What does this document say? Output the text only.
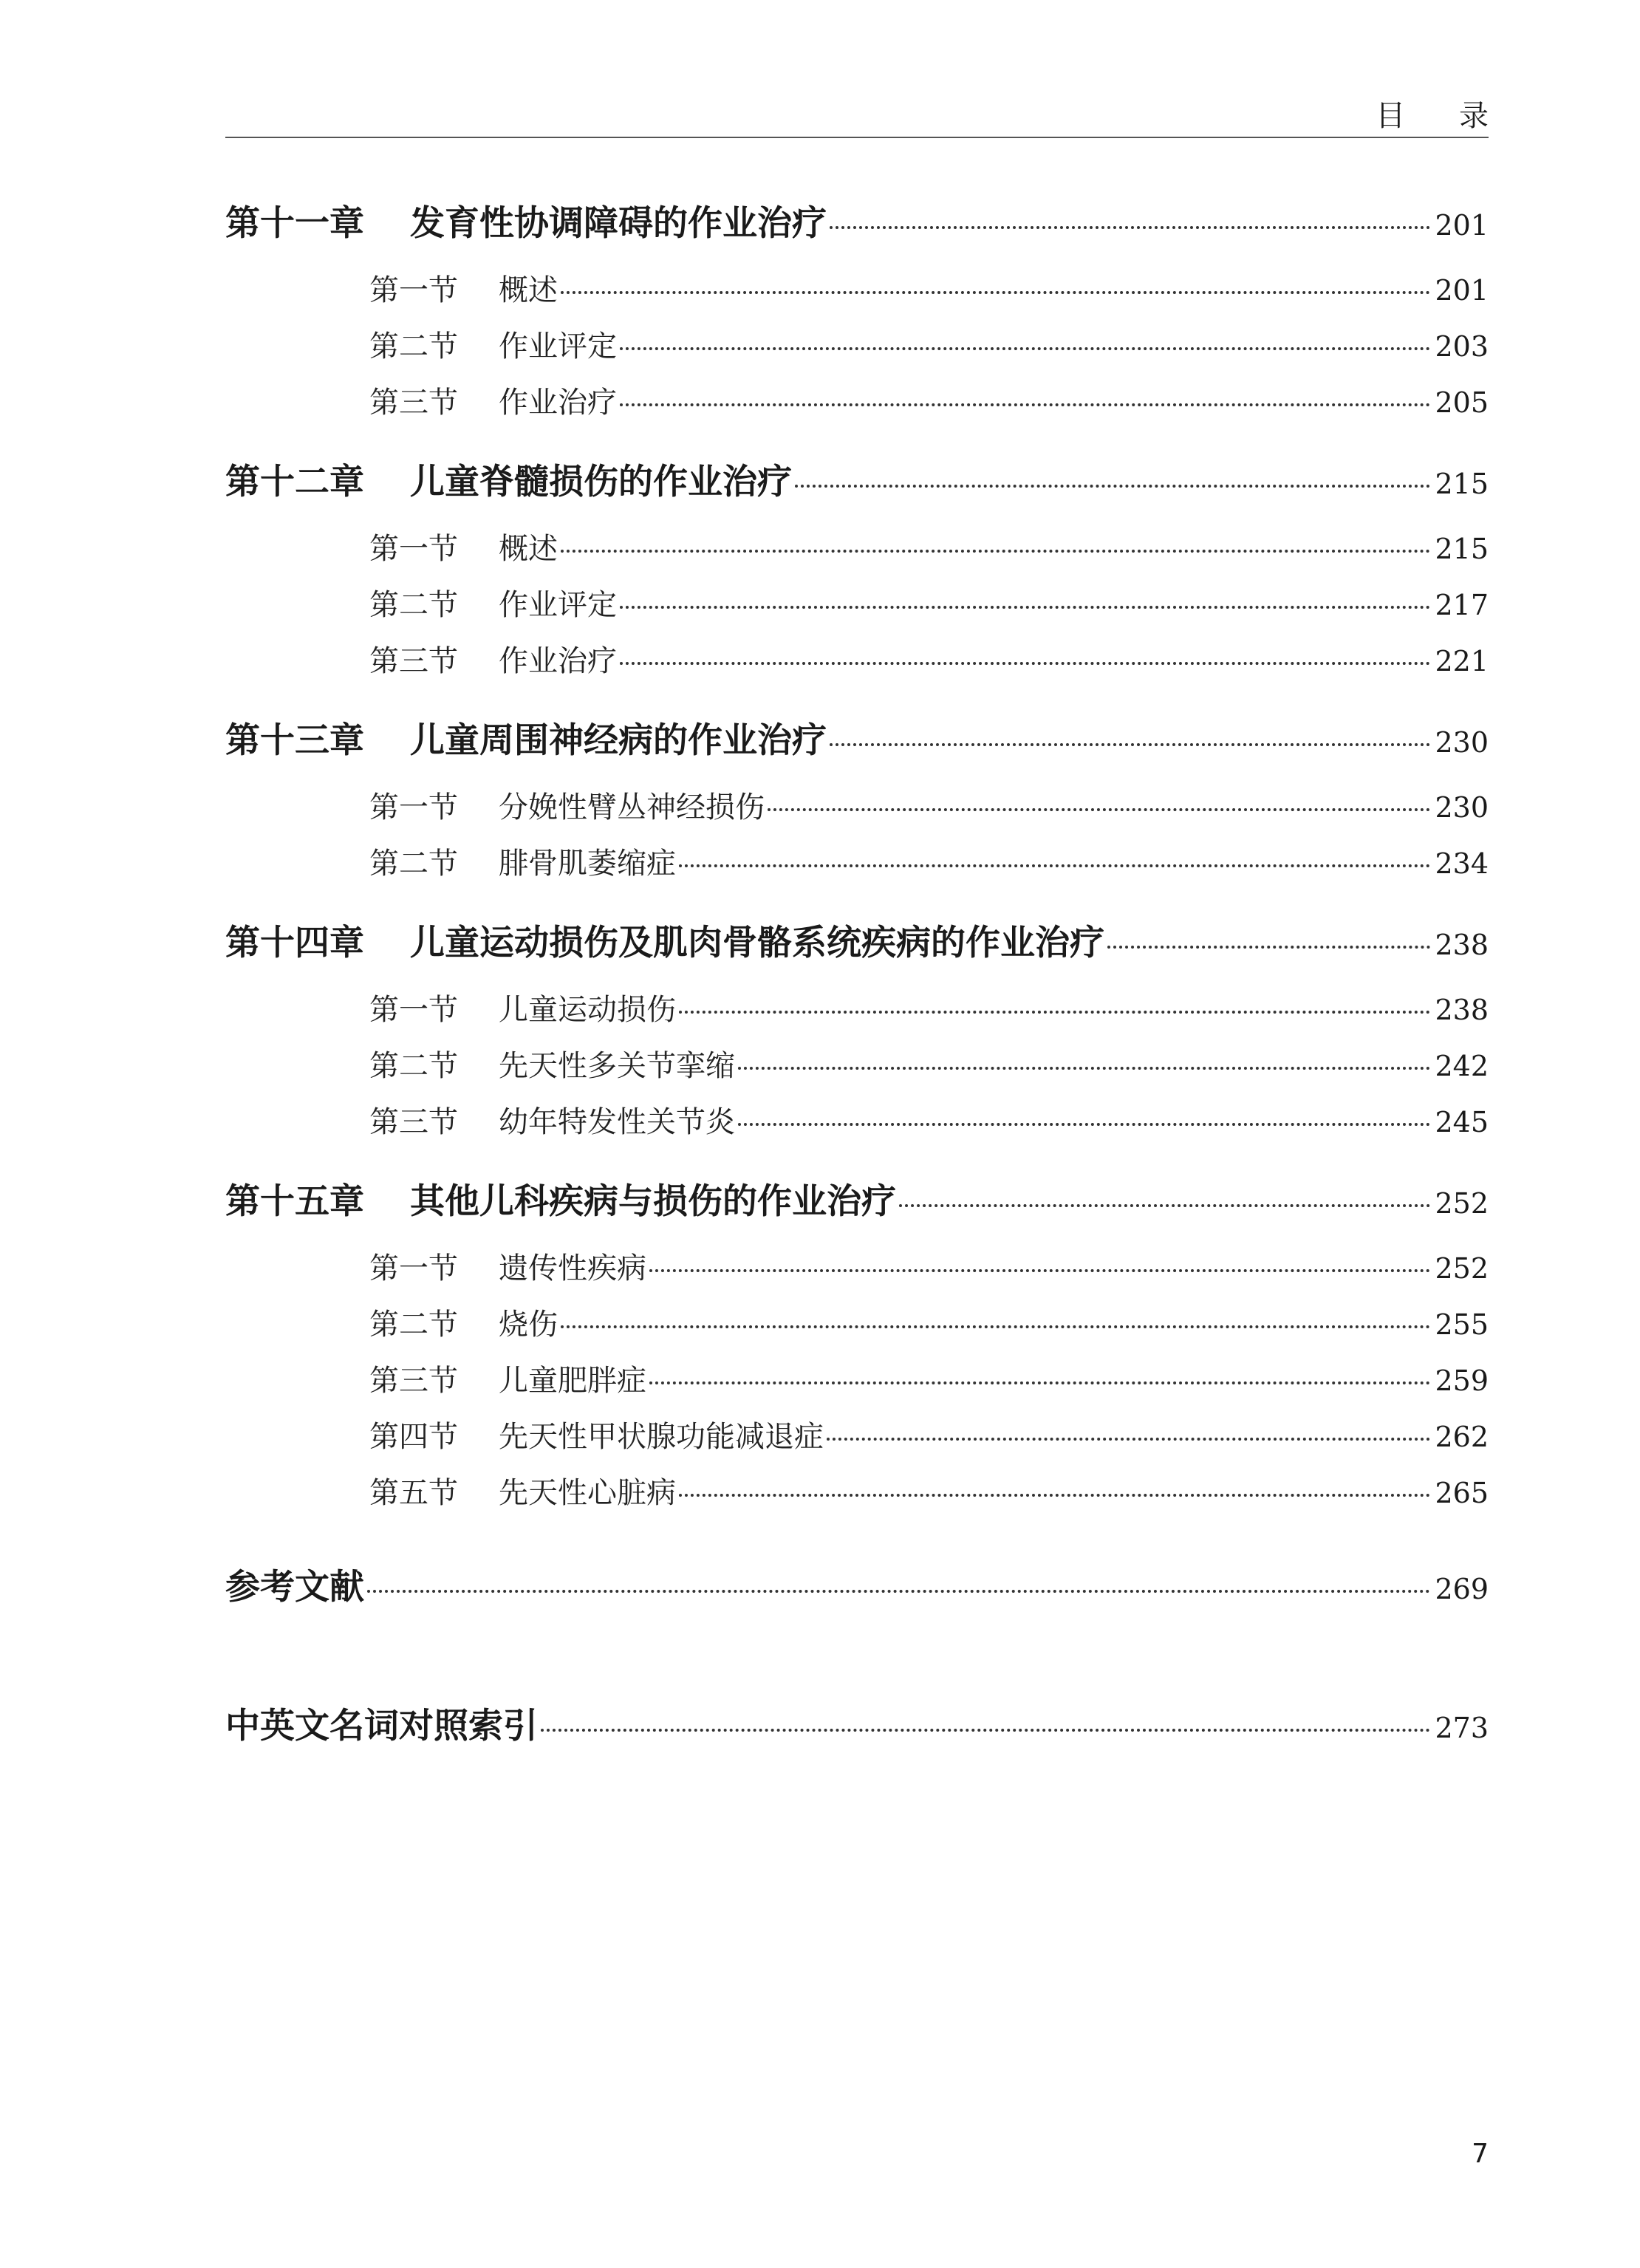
目 录
第十一章 发育性协调障碍的作业治疗	201
第一节 概述	201
第二节 作业评定	203
第三节 作业治疗	205
第十二章 儿童脊髓损伤的作业治疗	215
第一节 概述	215
第二节 作业评定	217
第三节 作业治疗	221
第十三章 儿童周围神经病的作业治疗	230
第一节 分娩性臂丛神经损伤	230
第二节 腓骨肌萎缩症	234
第十四章 儿童运动损伤及肌肉骨骼系统疾病的作业治疗	238
第一节 儿童运动损伤	238
第二节 先天性多关节挛缩	242
第三节 幼年特发性关节炎	245
第十五章 其他儿科疾病与损伤的作业治疗	252
第一节 遗传性疾病	252
第二节 烧伤	255
第三节 儿童肥胖症	259
第四节 先天性甲状腺功能减退症	262
第五节 先天性心脏病	265
参考文献	269
中英文名词对照索引	273
7
